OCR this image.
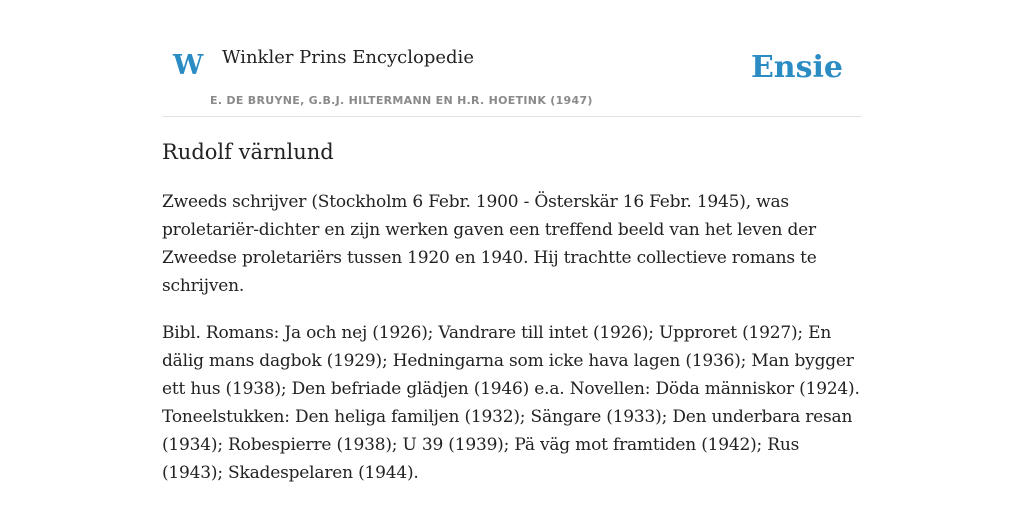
W Winkler Prins Encyclopedie
E. DE BRUYNE, G.B.J. HILTERMANN EN H.R. HOETINK (1947)
Ensie
Rudolf värnlund

Zweeds schrijver (Stockholm 6 Febr. 1900 - Österskär 16 Febr. 1945), was proletariër-dichter en zijn werken gaven een treffend beeld van het leven der Zweedse proletariërs tussen 1920 en 1940. Hij trachtte collectieve romans te schrijven.

Bibl. Romans: Ja och nej (1926); Vandrare till intet (1926); Upproret (1927); En dälig mans dagbok (1929); Hedningarna som icke hava lagen (1936); Man bygger ett hus (1938); Den befriade glädjen (1946) e.a. Novellen: Döda människor (1924). Toneelstukken: Den heliga familjen (1932); Sängare (1933); Den underbara resan (1934); Robespierre (1938); U 39 (1939); Pä väg mot framtiden (1942); Rus (1943); Skadespelaren (1944).
